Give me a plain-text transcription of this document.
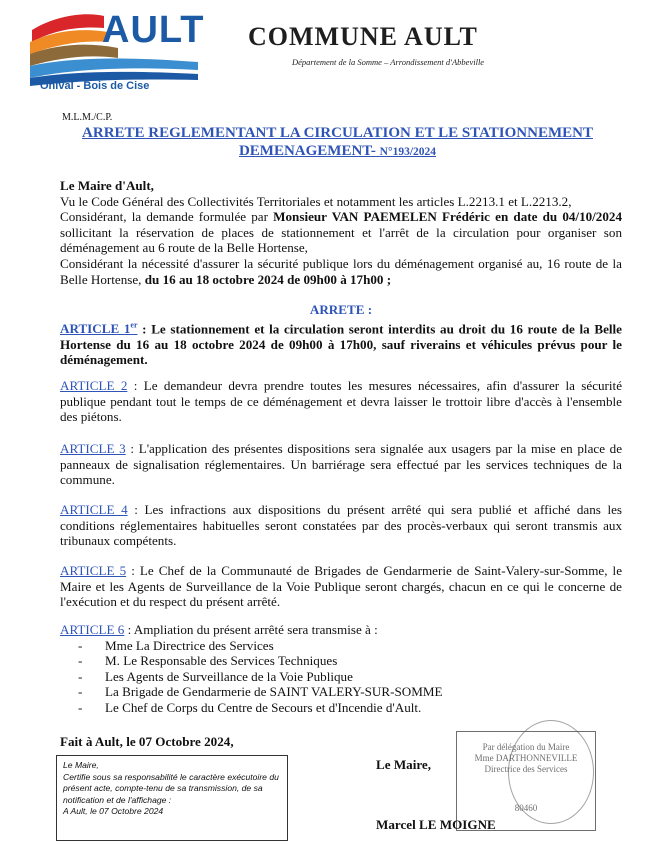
AULT
Onival - Bois de Cise
COMMUNE AULT
Département de la Somme – Arrondissement d'Abbeville
M.L.M./C.P.
ARRETE REGLEMENTANT LA CIRCULATION ET LE STATIONNEMENT
DEMENAGEMENT- N°193/2024

Le Maire d'Ault,

Vu le Code Général des Collectivités Territoriales et notamment les articles L.2213.1 et L.2213.2,

Considérant, la demande formulée par Monsieur VAN PAEMELEN Frédéric en date du 04/10/2024 sollicitant la réservation de places de stationnement et l'arrêt de la circulation pour organiser son déménagement au 6 route de la Belle Hortense,

Considérant la nécessité d'assurer la sécurité publique lors du déménagement organisé au, 16 route de la Belle Hortense, du 16 au 18 octobre 2024 de 09h00 à 17h00 ;

ARRETE :

ARTICLE 1er : Le stationnement et la circulation seront interdits au droit du 16 route de la Belle Hortense du 16 au 18 octobre 2024 de 09h00 à 17h00, sauf riverains et véhicules prévus pour le déménagement.

ARTICLE 2 : Le demandeur devra prendre toutes les mesures nécessaires, afin d'assurer la sécurité publique pendant tout le temps de ce déménagement et devra laisser le trottoir libre d'accès à l'ensemble des piétons.

ARTICLE 3 : L'application des présentes dispositions sera signalée aux usagers par la mise en place de panneaux de signalisation réglementaires. Un barriérage sera effectué par les services techniques de la commune.

ARTICLE 4 : Les infractions aux dispositions du présent arrêté qui sera publié et affiché dans les conditions réglementaires habituelles seront constatées par des procès-verbaux qui seront transmis aux tribunaux compétents.

ARTICLE 5 : Le Chef de la Communauté de Brigades de Gendarmerie de Saint-Valery-sur-Somme, le Maire et les Agents de Surveillance de la Voie Publique seront chargés, chacun en ce qui le concerne de l'exécution et du respect du présent arrêté.

ARTICLE 6 : Ampliation du présent arrêté sera transmise à :

- Mme La Directrice des Services
- M. Le Responsable des Services Techniques
- Les Agents de Surveillance de la Voie Publique
- La Brigade de Gendarmerie de SAINT VALERY-SUR-SOMME
- Le Chef de Corps du Centre de Secours et d'Incendie d'Ault.
Fait à Ault, le 07 Octobre 2024,
Le Maire,
Certifie sous sa responsabilité le caractère exécutoire du présent acte, compte-tenu de sa transmission, de sa notification et de l'affichage :
A Ault, le 07 Octobre 2024
Le Maire,
Par délégation du Maire
Mme DARTHONNEVILLE
Directrice des Services
80460
Marcel LE MOIGNE
